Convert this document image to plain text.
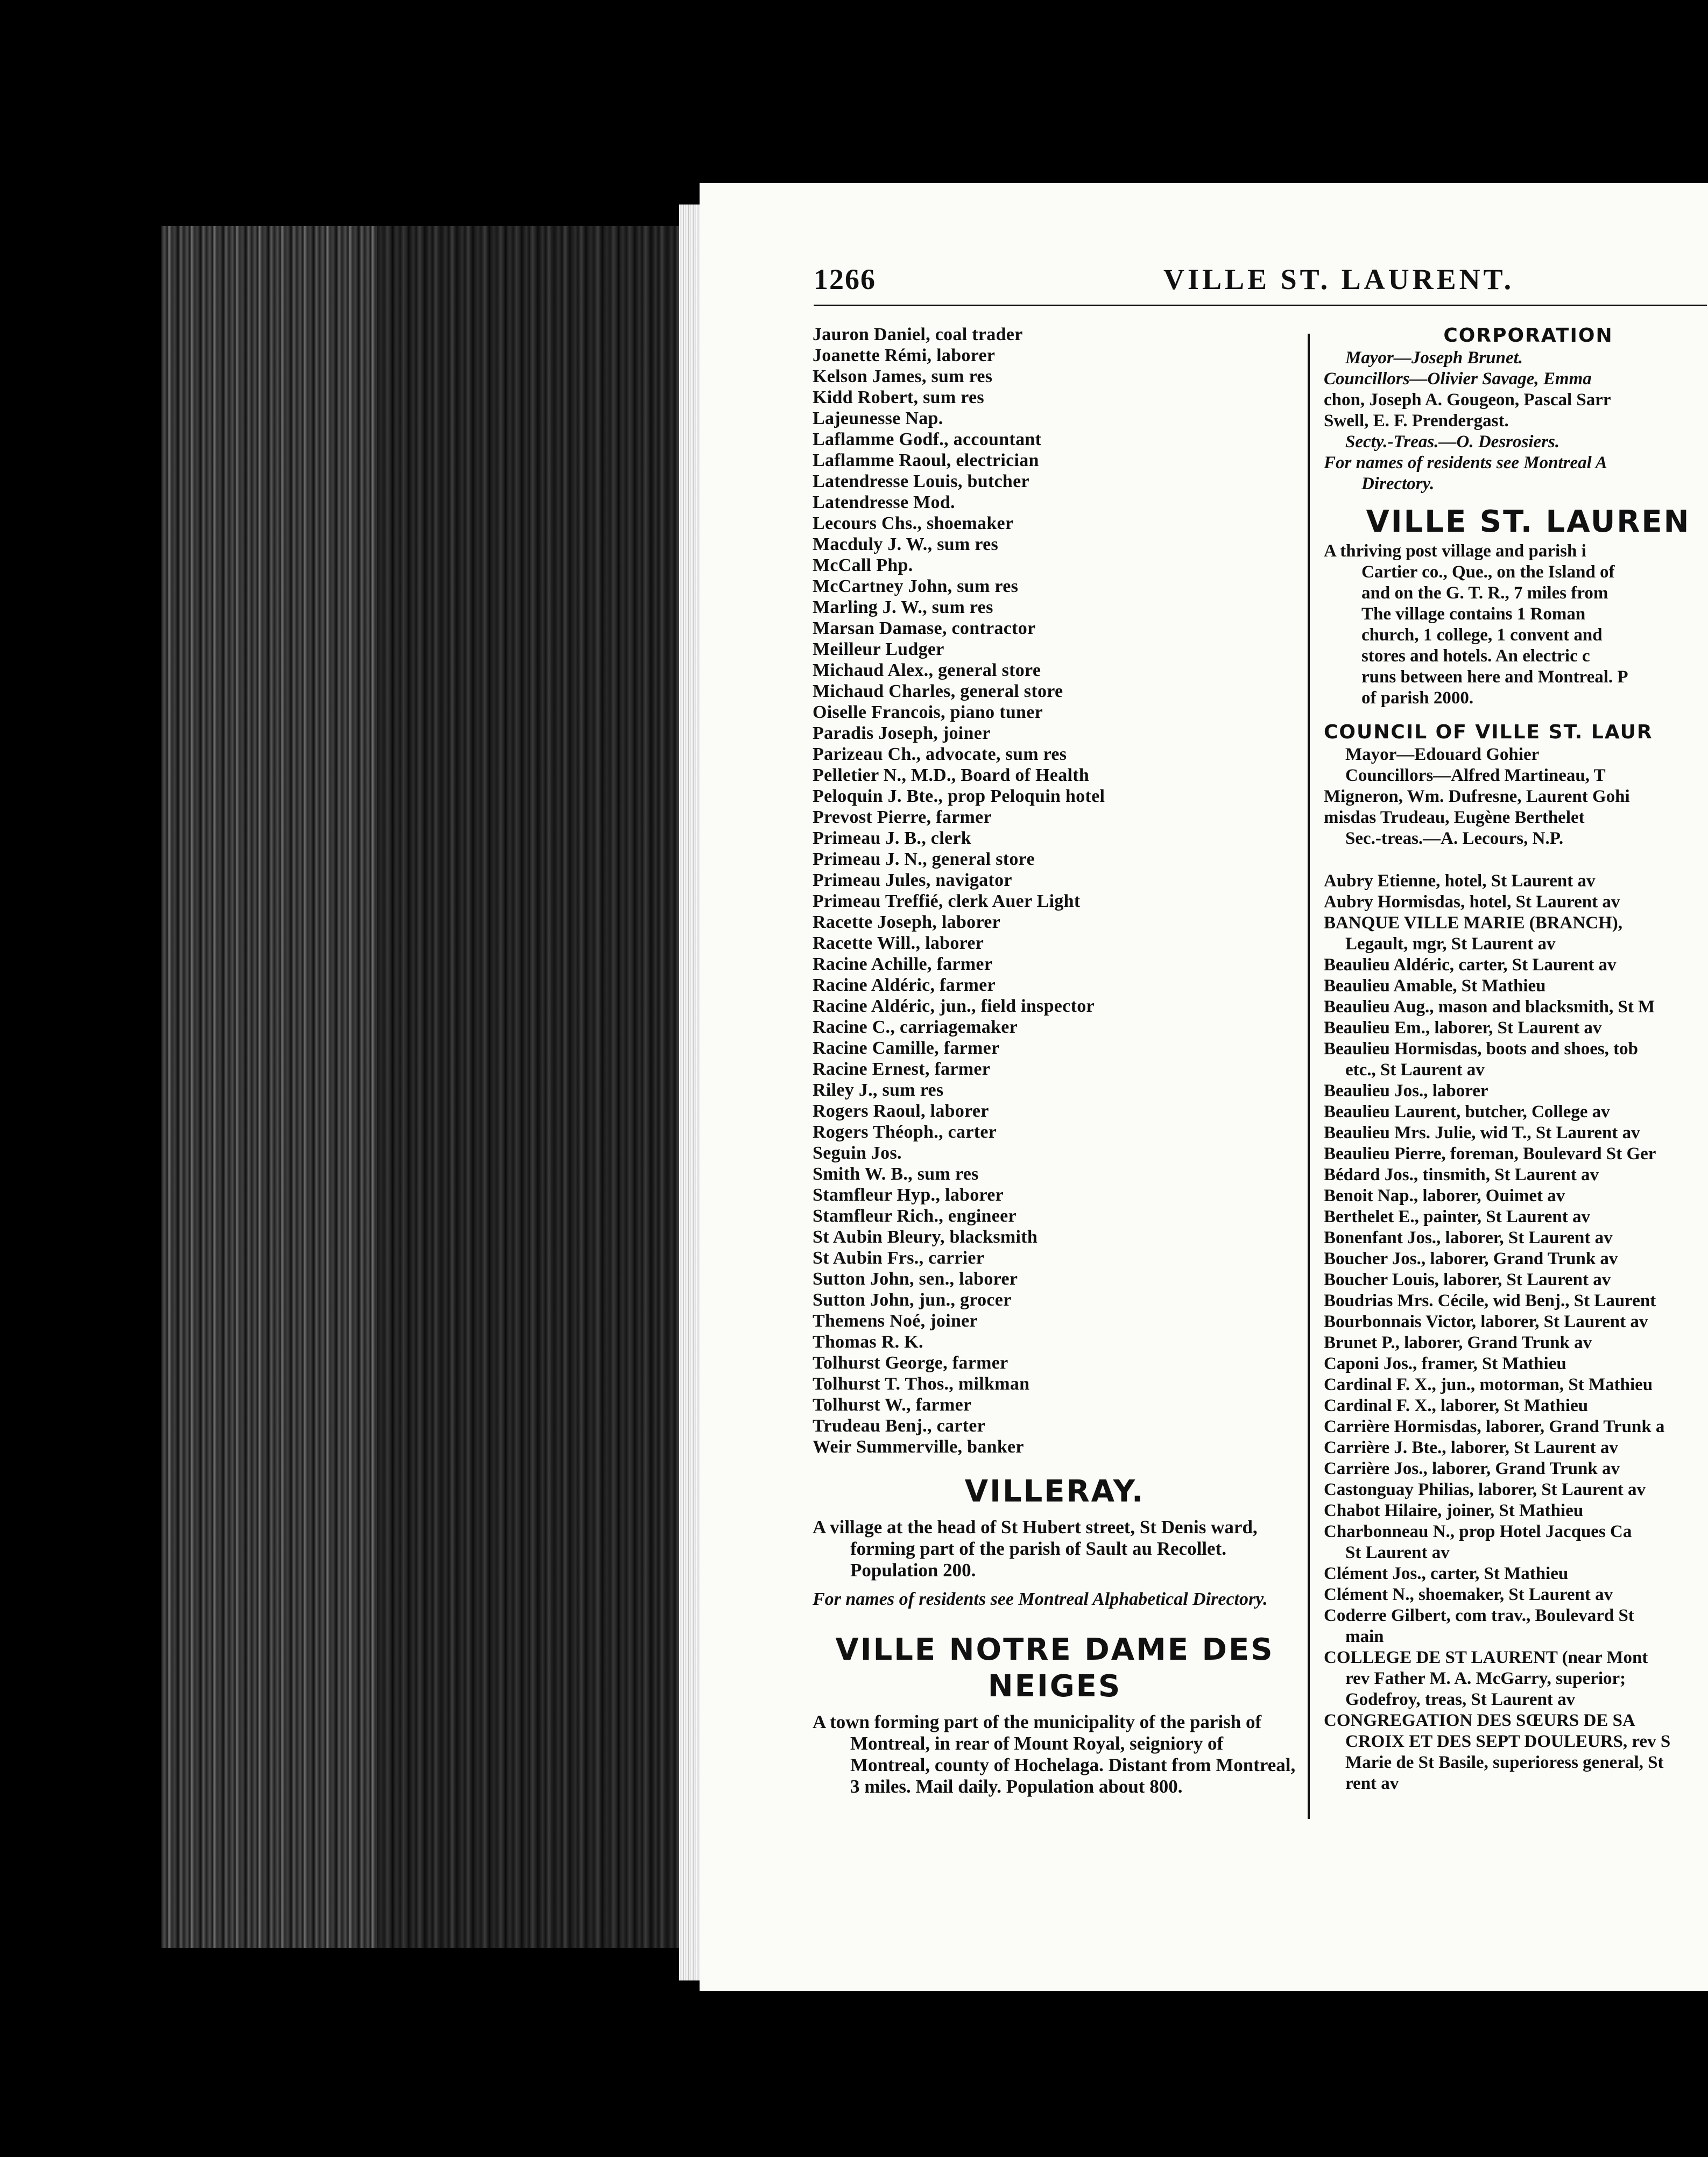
1266	VILLE ST. LAURENT.
Jauron Daniel, coal trader
Joanette Rémi, laborer
Kelson James, sum res
Kidd Robert, sum res
Lajeunesse Nap.
Laflamme Godf., accountant
Laflamme Raoul, electrician
Latendresse Louis, butcher
Latendresse Mod.
Lecours Chs., shoemaker
Macduly J. W., sum res
McCall Php.
McCartney John, sum res
Marling J. W., sum res
Marsan Damase, contractor
Meilleur Ludger
Michaud Alex., general store
Michaud Charles, general store
Oiselle Francois, piano tuner
Paradis Joseph, joiner
Parizeau Ch., advocate, sum res
Pelletier N., M.D., Board of Health
Peloquin J. Bte., prop Peloquin hotel
Prevost Pierre, farmer
Primeau J. B., clerk
Primeau J. N., general store
Primeau Jules, navigator
Primeau Treffié, clerk Auer Light
Racette Joseph, laborer
Racette Will., laborer
Racine Achille, farmer
Racine Aldéric, farmer
Racine Aldéric, jun., field inspector
Racine C., carriagemaker
Racine Camille, farmer
Racine Ernest, farmer
Riley J., sum res
Rogers Raoul, laborer
Rogers Théoph., carter
Seguin Jos.
Smith W. B., sum res
Stamfleur Hyp., laborer
Stamfleur Rich., engineer
St Aubin Bleury, blacksmith
St Aubin Frs., carrier
Sutton John, sen., laborer
Sutton John, jun., grocer
Themens Noé, joiner
Thomas R. K.
Tolhurst George, farmer
Tolhurst T. Thos., milkman
Tolhurst W., farmer
Trudeau Benj., carter
Weir Summerville, banker
VILLERAY.
A village at the head of St Hubert street, St Denis ward, forming part of the parish of Sault au Recollet. Population 200.
For names of residents see Montreal Alphabetical Directory.
VILLE NOTRE DAME DES
NEIGES
A town forming part of the municipality of the parish of Montreal, in rear of Mount Royal, seigniory of Montreal, county of Hochelaga. Distant from Montreal, 3 miles. Mail daily. Population about 800.
CORPORATION
Mayor—Joseph Brunet.
Councillors—Olivier Savage, Emma
chon, Joseph A. Gougeon, Pascal Sarr
Swell, E. F. Prendergast.
Secty.-Treas.—O. Desrosiers.
For names of residents see Montreal A
Directory.
VILLE ST. LAUREN
A thriving post village and parish i
Cartier co., Que., on the Island of
and on the G. T. R., 7 miles from
The village contains 1 Roman
church, 1 college, 1 convent and
stores and hotels. An electric c
runs between here and Montreal. P
of parish 2000.
COUNCIL OF VILLE ST. LAUR
Mayor—Edouard Gohier
Councillors—Alfred Martineau, T
Migneron, Wm. Dufresne, Laurent Gohi
misdas Trudeau, Eugène Berthelet
Sec.-treas.—A. Lecours, N.P.
Aubry Etienne, hotel, St Laurent av
Aubry Hormisdas, hotel, St Laurent av
BANQUE VILLE MARIE (BRANCH),
Legault, mgr, St Laurent av
Beaulieu Aldéric, carter, St Laurent av
Beaulieu Amable, St Mathieu
Beaulieu Aug., mason and blacksmith, St M
Beaulieu Em., laborer, St Laurent av
Beaulieu Hormisdas, boots and shoes, tob
etc., St Laurent av
Beaulieu Jos., laborer
Beaulieu Laurent, butcher, College av
Beaulieu Mrs. Julie, wid T., St Laurent av
Beaulieu Pierre, foreman, Boulevard St Ger
Bédard Jos., tinsmith, St Laurent av
Benoit Nap., laborer, Ouimet av
Berthelet E., painter, St Laurent av
Bonenfant Jos., laborer, St Laurent av
Boucher Jos., laborer, Grand Trunk av
Boucher Louis, laborer, St Laurent av
Boudrias Mrs. Cécile, wid Benj., St Laurent
Bourbonnais Victor, laborer, St Laurent av
Brunet P., laborer, Grand Trunk av
Caponi Jos., framer, St Mathieu
Cardinal F. X., jun., motorman, St Mathieu
Cardinal F. X., laborer, St Mathieu
Carrière Hormisdas, laborer, Grand Trunk a
Carrière J. Bte., laborer, St Laurent av
Carrière Jos., laborer, Grand Trunk av
Castonguay Philias, laborer, St Laurent av
Chabot Hilaire, joiner, St Mathieu
Charbonneau N., prop Hotel Jacques Ca
St Laurent av
Clément Jos., carter, St Mathieu
Clément N., shoemaker, St Laurent av
Coderre Gilbert, com trav., Boulevard St
main
COLLEGE DE ST LAURENT (near Mont
rev Father M. A. McGarry, superior;
Godefroy, treas, St Laurent av
CONGREGATION DES SŒURS DE SA
CROIX ET DES SEPT DOULEURS, rev S
Marie de St Basile, superioress general, St
rent av
